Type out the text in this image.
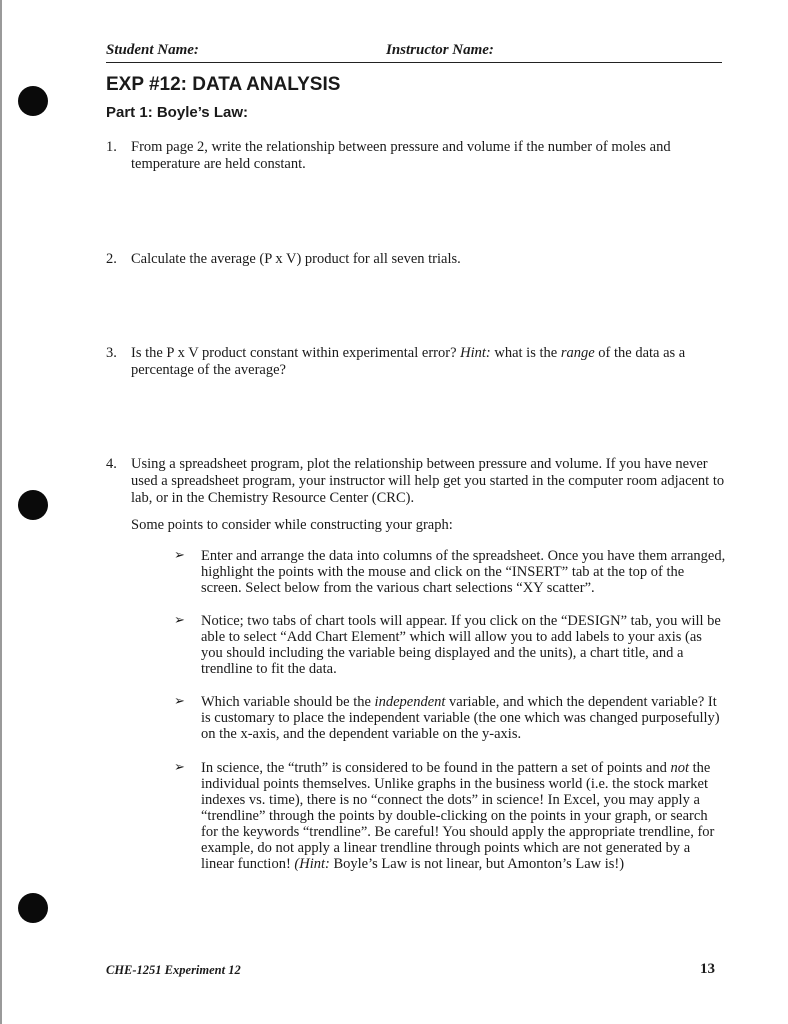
Student Name:	Instructor Name:
EXP #12: DATA ANALYSIS
Part 1: Boyle’s Law:
1. From page 2, write the relationship between pressure and volume if the number of moles and temperature are held constant.
2. Calculate the average (P x V) product for all seven trials.
3. Is the P x V product constant within experimental error? Hint: what is the range of the data as a percentage of the average?
4. Using a spreadsheet program, plot the relationship between pressure and volume. If you have never used a spreadsheet program, your instructor will help get you started in the computer room adjacent to lab, or in the Chemistry Resource Center (CRC).
Some points to consider while constructing your graph:
➢ Enter and arrange the data into columns of the spreadsheet. Once you have them arranged, highlight the points with the mouse and click on the “INSERT” tab at the top of the screen. Select below from the various chart selections “XY scatter”.
➢ Notice; two tabs of chart tools will appear. If you click on the “DESIGN” tab, you will be able to select “Add Chart Element” which will allow you to add labels to your axis (as you should including the variable being displayed and the units), a chart title, and a trendline to fit the data.
➢ Which variable should be the independent variable, and which the dependent variable? It is customary to place the independent variable (the one which was changed purposefully) on the x-axis, and the dependent variable on the y-axis.
➢ In science, the “truth” is considered to be found in the pattern a set of points and not the individual points themselves. Unlike graphs in the business world (i.e. the stock market indexes vs. time), there is no “connect the dots” in science! In Excel, you may apply a “trendline” through the points by double-clicking on the points in your graph, or search for the keywords “trendline”. Be careful! You should apply the appropriate trendline, for example, do not apply a linear trendline through points which are not generated by a linear function! (Hint: Boyle’s Law is not linear, but Amonton’s Law is!)
CHE-1251 Experiment 12	13
